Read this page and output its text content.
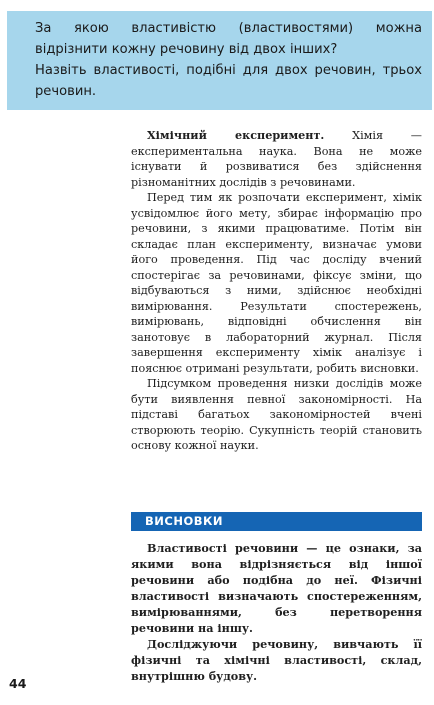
За якою властивістю (властивостями) можна відрізнити кожну речовину від двох інших?

Назвіть властивості, подібні для двох речовин, трьох речовин.

Хімічний експеримент. Хімія — експериментальна наука. Вона не може існувати й розвиватися без здійснення різноманітних дослідів з речовинами.

Перед тим як розпочати експеримент, хімік усвідомлює його мету, збирає інформацію про речовини, з якими працюватиме. Потім він складає план експерименту, визначає умови його проведення. Під час досліду вчений спостерігає за речовинами, фіксує зміни, що відбуваються з ними, здійснює необхідні вимірювання. Результати спостережень, вимірювань, відповідні обчислення він занотовує в лабораторний журнал. Після завершення експерименту хімік аналізує і пояснює отримані результати, робить висновки.

Підсумком проведення низки дослідів може бути виявлення певної закономірності. На підставі багатьох закономірностей вчені створюють теорію. Сукупність теорій становить основу кожної науки.

ВИСНОВКИ

Властивості речовини — це ознаки, за якими вона відрізняється від іншої речовини або подібна до неї. Фізичні властивості визначають спостереженням, вимірюваннями, без перетворення речовини на іншу.

Досліджуючи речовину, вивчають її фізичні та хімічні властивості, склад, внутрішню будову.

44
